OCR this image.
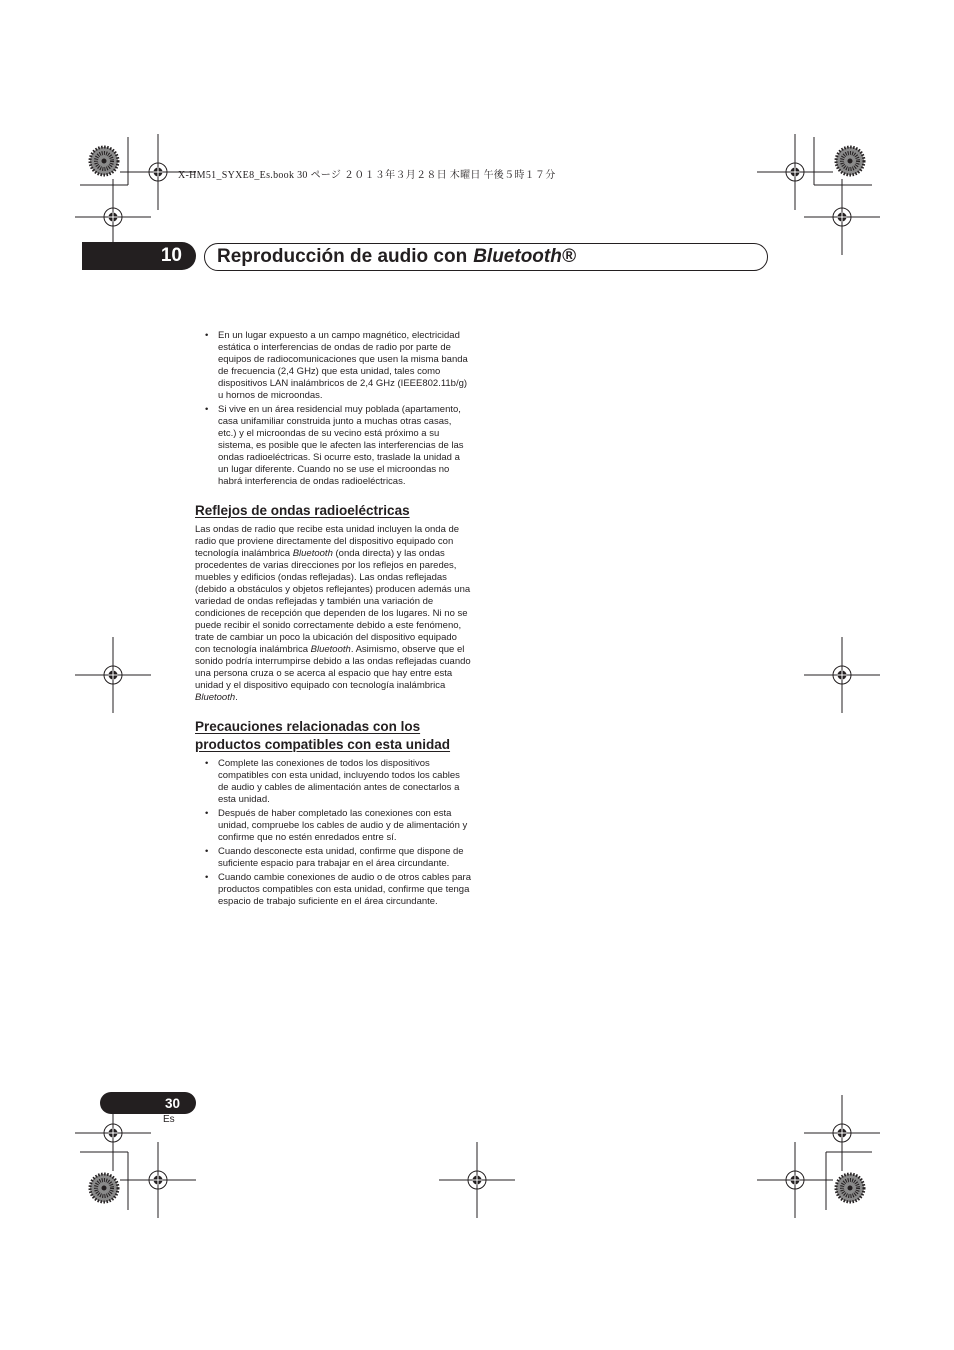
X-HM51_SYXE8_Es.book 30 ページ ２０１３年３月２８日 木曜日 午後５時１７分
10	Reproducción de audio con Bluetooth®
• En un lugar expuesto a un campo magnético, electricidad estática o interferencias de ondas de radio por parte de equipos de radiocomunicaciones que usen la misma banda de frecuencia (2,4 GHz) que esta unidad, tales como dispositivos LAN inalámbricos de 2,4 GHz (IEEE802.11b/g) u hornos de microondas.
• Si vive en un área residencial muy poblada (apartamento, casa unifamiliar construida junto a muchas otras casas, etc.) y el microondas de su vecino está próximo a su sistema, es posible que le afecten las interferencias de las ondas radioeléctricas. Si ocurre esto, traslade la unidad a un lugar diferente. Cuando no se use el microondas no habrá interferencia de ondas radioeléctricas.
Reflejos de ondas radioeléctricas

Las ondas de radio que recibe esta unidad incluyen la onda de radio que proviene directamente del dispositivo equipado con tecnología inalámbrica Bluetooth (onda directa) y las ondas procedentes de varias direcciones por los reflejos en paredes, muebles y edificios (ondas reflejadas). Las ondas reflejadas (debido a obstáculos y objetos reflejantes) producen además una variedad de ondas reflejadas y también una variación de condiciones de recepción que dependen de los lugares. Ni no se puede recibir el sonido correctamente debido a este fenómeno, trate de cambiar un poco la ubicación del dispositivo equipado con tecnología inalámbrica Bluetooth. Asimismo, observe que el sonido podría interrumpirse debido a las ondas reflejadas cuando una persona cruza o se acerca al espacio que hay entre esta unidad y el dispositivo equipado con tecnología inalámbrica Bluetooth.

Precauciones relacionadas con los productos compatibles con esta unidad
• Complete las conexiones de todos los dispositivos compatibles con esta unidad, incluyendo todos los cables de audio y cables de alimentación antes de conectarlos a esta unidad.
• Después de haber completado las conexiones con esta unidad, compruebe los cables de audio y de alimentación y confirme que no estén enredados entre sí.
• Cuando desconecte esta unidad, confirme que dispone de suficiente espacio para trabajar en el área circundante.
• Cuando cambie conexiones de audio o de otros cables para productos compatibles con esta unidad, confirme que tenga espacio de trabajo suficiente en el área circundante.
30
Es
